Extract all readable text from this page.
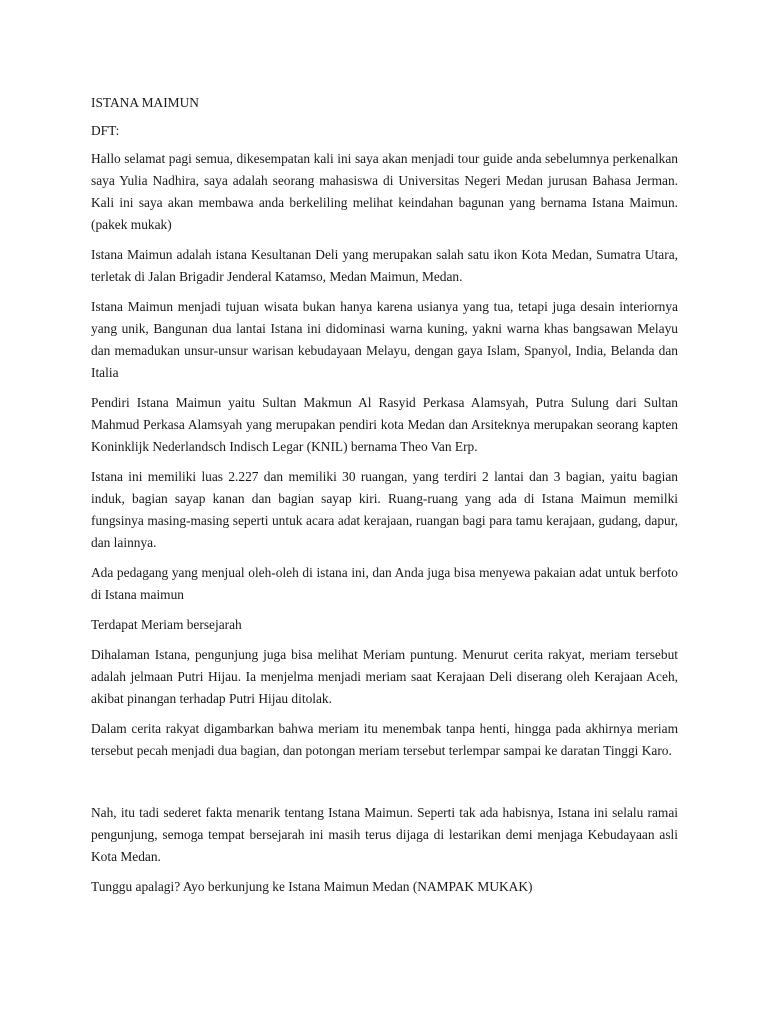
ISTANA MAIMUN

DFT:

Hallo selamat pagi semua, dikesempatan kali ini saya akan menjadi tour guide anda sebelumnya perkenalkan saya Yulia Nadhira, saya adalah seorang mahasiswa di Universitas Negeri Medan jurusan Bahasa Jerman. Kali ini saya akan membawa anda berkeliling melihat keindahan bagunan yang bernama Istana Maimun. (pakek mukak)

Istana Maimun adalah istana Kesultanan Deli yang merupakan salah satu ikon Kota Medan, Sumatra Utara, terletak di Jalan Brigadir Jenderal Katamso, Medan Maimun, Medan.

Istana Maimun menjadi tujuan wisata bukan hanya karena usianya yang tua, tetapi juga desain interiornya yang unik, Bangunan dua lantai Istana ini didominasi warna kuning, yakni warna khas bangsawan Melayu dan memadukan unsur-unsur warisan kebudayaan Melayu, dengan gaya Islam, Spanyol, India, Belanda dan Italia

Pendiri Istana Maimun yaitu Sultan Makmun Al Rasyid Perkasa Alamsyah, Putra Sulung dari Sultan Mahmud Perkasa Alamsyah yang merupakan pendiri kota Medan dan Arsiteknya merupakan seorang kapten Koninklijk Nederlandsch Indisch Legar (KNIL) bernama Theo Van Erp.

Istana ini memiliki luas 2.227 dan memiliki 30 ruangan, yang terdiri 2 lantai dan 3 bagian, yaitu bagian induk, bagian sayap kanan dan bagian sayap kiri. Ruang-ruang yang ada di Istana Maimun memilki fungsinya masing-masing seperti untuk acara adat kerajaan, ruangan bagi para tamu kerajaan, gudang, dapur, dan lainnya.

Ada pedagang yang menjual oleh-oleh di istana ini, dan Anda juga bisa menyewa pakaian adat untuk berfoto di Istana maimun

Terdapat Meriam bersejarah

Dihalaman Istana, pengunjung juga bisa melihat Meriam puntung. Menurut cerita rakyat, meriam tersebut adalah jelmaan Putri Hijau. Ia menjelma menjadi meriam saat Kerajaan Deli diserang oleh Kerajaan Aceh, akibat pinangan terhadap Putri Hijau ditolak.

Dalam cerita rakyat digambarkan bahwa meriam itu menembak tanpa henti, hingga pada akhirnya meriam tersebut pecah menjadi dua bagian, dan potongan meriam tersebut terlempar sampai ke daratan Tinggi Karo.

Nah, itu tadi sederet fakta menarik tentang Istana Maimun. Seperti tak ada habisnya, Istana ini selalu ramai pengunjung, semoga tempat bersejarah ini masih terus dijaga di lestarikan demi menjaga Kebudayaan asli Kota Medan.

Tunggu apalagi? Ayo berkunjung ke Istana Maimun Medan (NAMPAK MUKAK)
